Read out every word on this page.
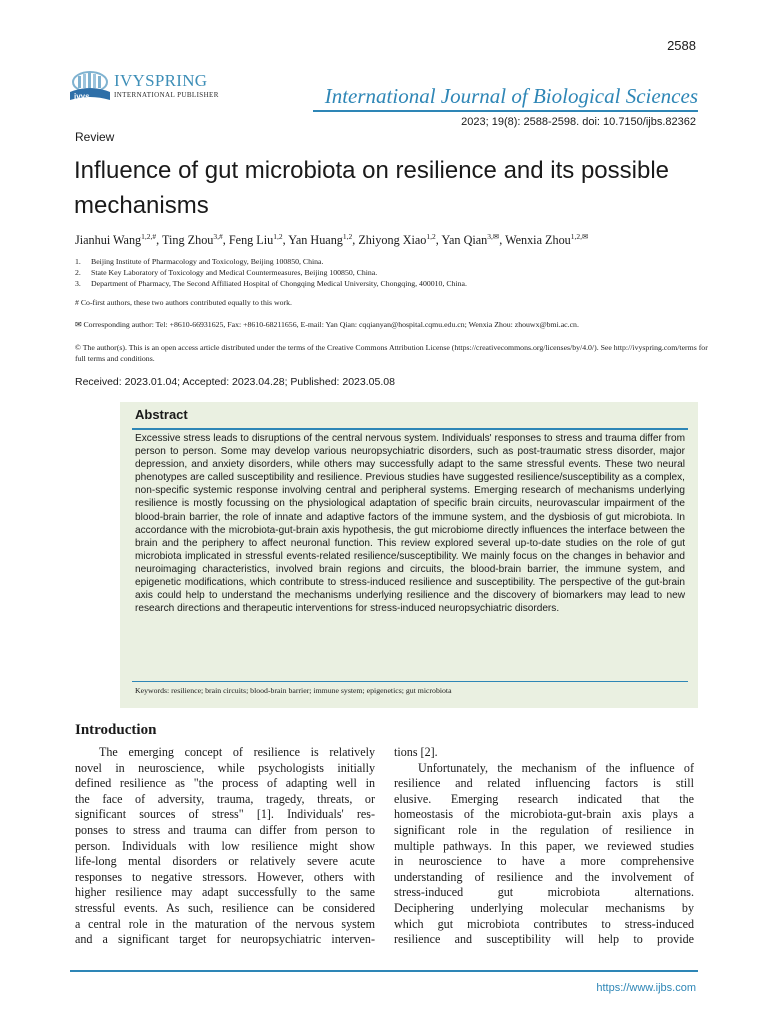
2588
ivys
IVYSPRING
INTERNATIONAL PUBLISHER	International Journal of Biological Sciences
2023; 19(8): 2588-2598. doi: 10.7150/ijbs.82362
Review
Influence of gut microbiota on resilience and its possible mechanisms
Jianhui Wang$^{1,2,\#}$, Ting Zhou$^{3,\#}$, Feng Liu$^{1,2}$, Yan Huang$^{1,2}$, Zhiyong Xiao$^{1,2}$, Yan Qian$^{3,✉}$, Wenxia Zhou$^{1,2,✉}$
1.	Beijing Institute of Pharmacology and Toxicology, Beijing 100850, China.
2.	State Key Laboratory of Toxicology and Medical Countermeasures, Beijing 100850, China.
3.	Department of Pharmacy, The Second Affiliated Hospital of Chongqing Medical University, Chongqing, 400010, China.
# Co-first authors, these two authors contributed equally to this work.
✉ Corresponding author: Tel: +8610-66931625, Fax: +8610-68211656, E-mail: Yan Qian: cqqianyan@hospital.cqmu.edu.cn; Wenxia Zhou: zhouwx@bmi.ac.cn.
© The author(s). This is an open access article distributed under the terms of the Creative Commons Attribution License (https://creativecommons.org/licenses/by/4.0/). See http://ivyspring.com/terms for full terms and conditions.
Received: 2023.01.04; Accepted: 2023.04.28; Published: 2023.05.08
Abstract

Excessive stress leads to disruptions of the central nervous system. Individuals' responses to stress and trauma differ from person to person. Some may develop various neuropsychiatric disorders, such as post-traumatic stress disorder, major depression, and anxiety disorders, while others may successfully adapt to the same stressful events. These two neural phenotypes are called susceptibility and resilience. Previous studies have suggested resilience/susceptibility as a complex, non-specific systemic response involving central and peripheral systems. Emerging research of mechanisms underlying resilience is mostly focussing on the physiological adaptation of specific brain circuits, neurovascular impairment of the blood-brain barrier, the role of innate and adaptive factors of the immune system, and the dysbiosis of gut microbiota. In accordance with the microbiota-gut-brain axis hypothesis, the gut microbiome directly influences the interface between the brain and the periphery to affect neuronal function. This review explored several up-to-date studies on the role of gut microbiota implicated in stressful events-related resilience/susceptibility. We mainly focus on the changes in behavior and neuroimaging characteristics, involved brain regions and circuits, the blood-brain barrier, the immune system, and epigenetic modifications, which contribute to stress-induced resilience and susceptibility. The perspective of the gut-brain axis could help to understand the mechanisms underlying resilience and the discovery of biomarkers may lead to new research directions and therapeutic interventions for stress-induced neuropsychiatric disorders.

Keywords: resilience; brain circuits; blood-brain barrier; immune system; epigenetics; gut microbiota
Introduction
The emerging concept of resilience is relatively
novel in neuroscience, while psychologists initially
defined resilience as "the process of adapting well in
the face of adversity, trauma, tragedy, threats, or
significant sources of stress" [1]. Individuals' res-
ponses to stress and trauma can differ from person to
person. Individuals with low resilience might show
life-long mental disorders or relatively severe acute
responses to negative stressors. However, others with
higher resilience may adapt successfully to the same
stressful events. As such, resilience can be considered
a central role in the maturation of the nervous system
and a significant target for neuropsychiatric interven-
tions [2].
Unfortunately, the mechanism of the influence of
resilience and related influencing factors is still
elusive. Emerging research indicated that the
homeostasis of the microbiota-gut-brain axis plays a
significant role in the regulation of resilience in
multiple pathways. In this paper, we reviewed studies
in neuroscience to have a more comprehensive
understanding of resilience and the involvement of
stress-induced gut microbiota alternations.
Deciphering underlying molecular mechanisms by
which gut microbiota contributes to stress-induced
resilience and susceptibility will help to provide
https://www.ijbs.com
